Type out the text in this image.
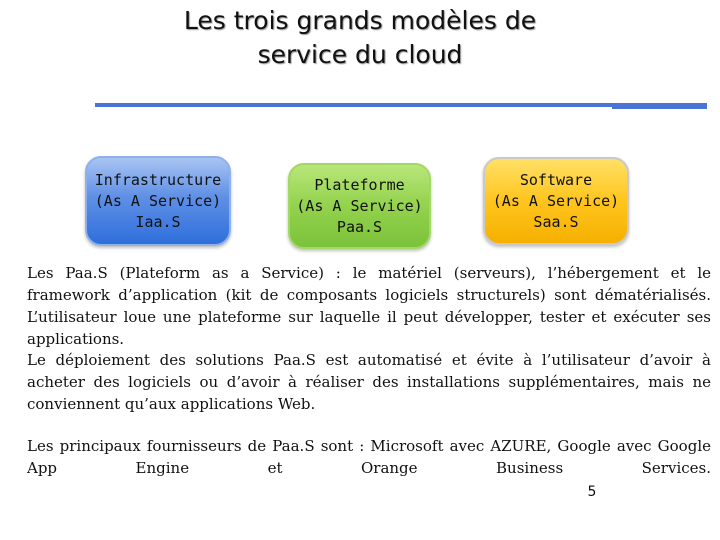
Les trois grands modèles de
service du cloud
Infrastructure
(As A Service)
Iaa.S
Plateforme
(As A Service)
Paa.S
Software
(As A Service)
Saa.S

Les Paa.S (Plateform as a Service) : le matériel (serveurs), l’hébergement et le framework d’application (kit de composants logiciels structurels) sont dématérialisés. L’utilisateur loue une plateforme sur laquelle il peut développer, tester et exécuter ses applications.

Le déploiement des solutions Paa.S est automatisé et évite à l’utilisateur d’avoir à acheter des logiciels ou d’avoir à réaliser des installations supplémentaires, mais ne conviennent qu’aux applications Web.

Les principaux fournisseurs de Paa.S sont : Microsoft avec AZURE, Google avec Google App Engine et Orange Business Services.

5
